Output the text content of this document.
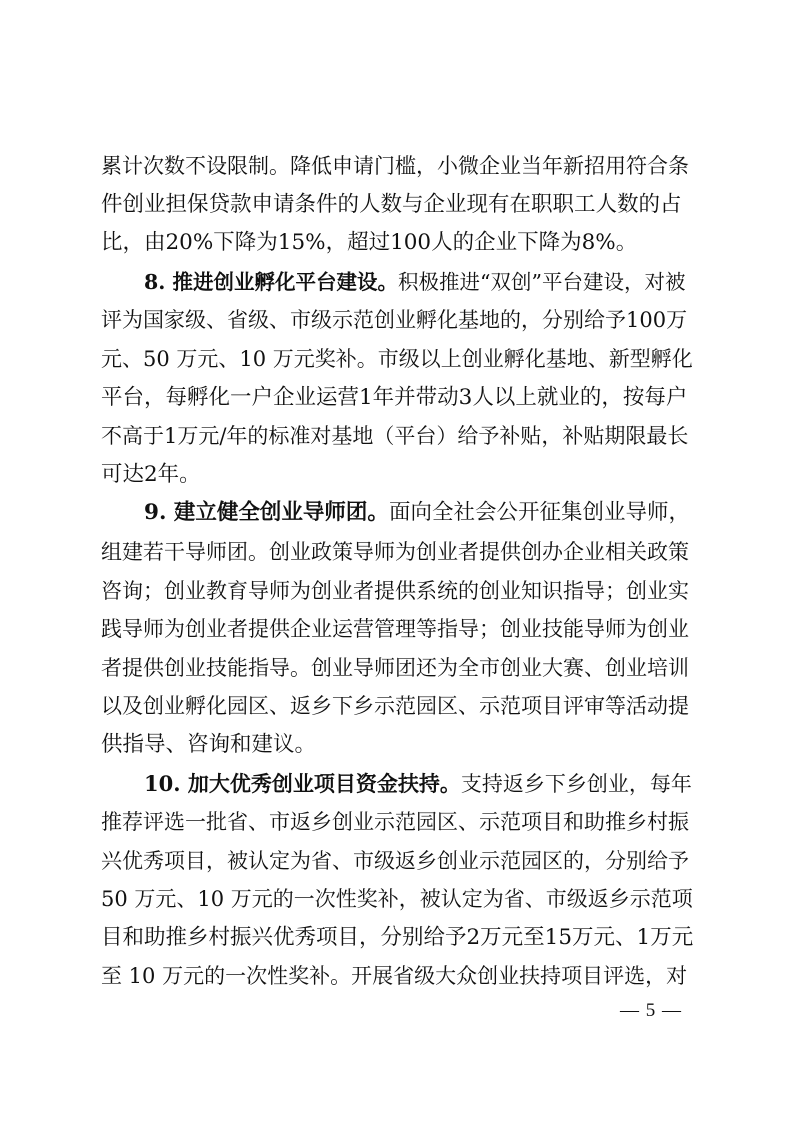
累计次数不设限制。降低申请门槛，小微企业当年新招用符合条
件创业担保贷款申请条件的人数与企业现有在职职工人数的占
比，由20%下降为15%，超过100人的企业下降为8%。
8. 推进创业孵化平台建设。积极推进“双创”平台建设，对被
评为国家级、省级、市级示范创业孵化基地的，分别给予100万
元、50 万元、10 万元奖补。市级以上创业孵化基地、新型孵化
平台，每孵化一户企业运营1年并带动3人以上就业的，按每户
不高于1万元/年的标准对基地（平台）给予补贴，补贴期限最长
可达2年。
9. 建立健全创业导师团。面向全社会公开征集创业导师，
组建若干导师团。创业政策导师为创业者提供创办企业相关政策
咨询；创业教育导师为创业者提供系统的创业知识指导；创业实
践导师为创业者提供企业运营管理等指导；创业技能导师为创业
者提供创业技能指导。创业导师团还为全市创业大赛、创业培训
以及创业孵化园区、返乡下乡示范园区、示范项目评审等活动提
供指导、咨询和建议。
10. 加大优秀创业项目资金扶持。支持返乡下乡创业，每年
推荐评选一批省、市返乡创业示范园区、示范项目和助推乡村振
兴优秀项目，被认定为省、市级返乡创业示范园区的，分别给予
50 万元、10 万元的一次性奖补，被认定为省、市级返乡示范项
目和助推乡村振兴优秀项目，分别给予2万元至15万元、1万元
至 10 万元的一次性奖补。开展省级大众创业扶持项目评选，对
— 5 —
